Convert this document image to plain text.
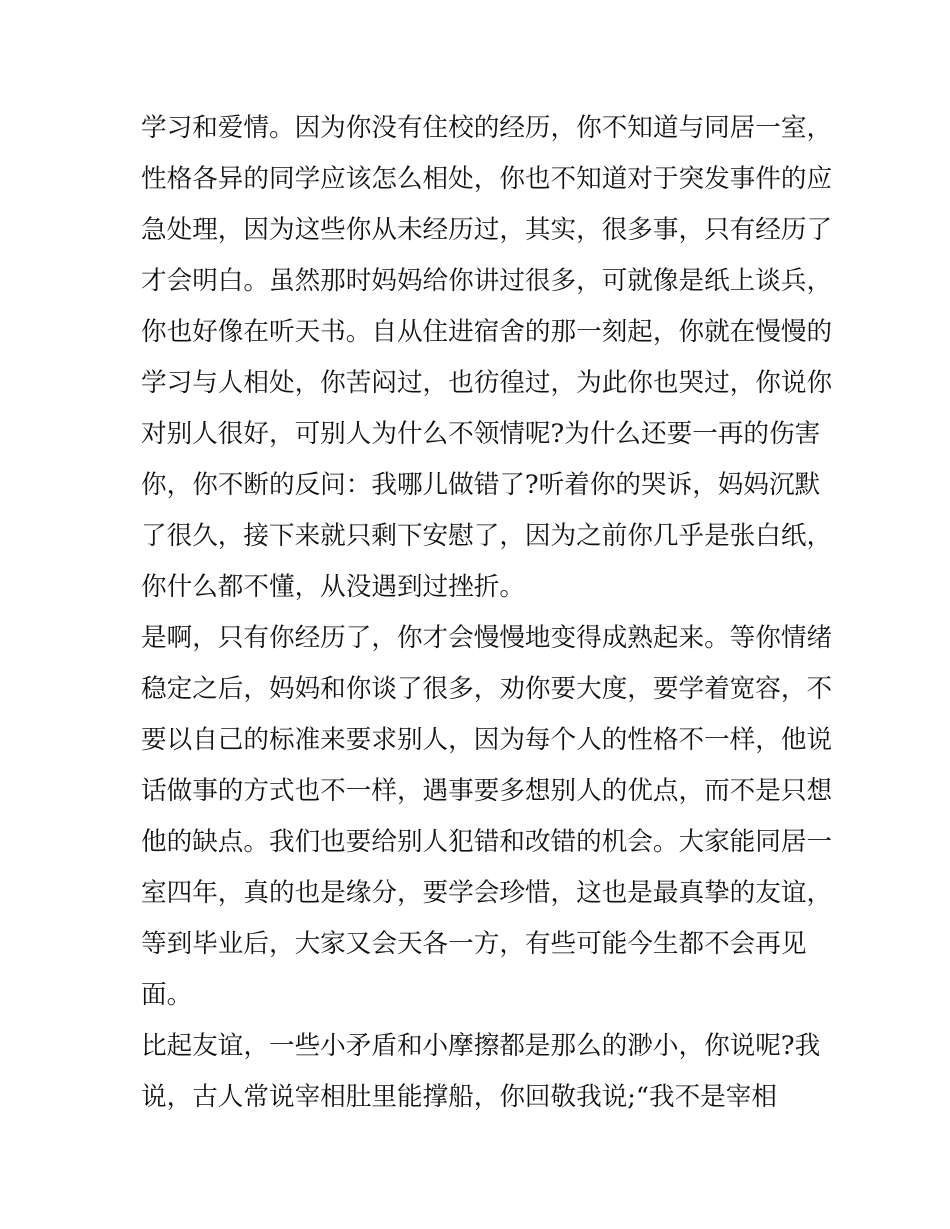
学习和爱情。因为你没有住校的经历，你不知道与同居一室，
性格各异的同学应该怎么相处，你也不知道对于突发事件的应
急处理，因为这些你从未经历过，其实，很多事，只有经历了
才会明白。虽然那时妈妈给你讲过很多，可就像是纸上谈兵，
你也好像在听天书。自从住进宿舍的那一刻起，你就在慢慢的
学习与人相处，你苦闷过，也彷徨过，为此你也哭过，你说你
对别人很好，可别人为什么不领情呢?为什么还要一再的伤害
你，你不断的反问：我哪儿做错了?听着你的哭诉，妈妈沉默
了很久，接下来就只剩下安慰了，因为之前你几乎是张白纸，
你什么都不懂，从没遇到过挫折。
是啊，只有你经历了，你才会慢慢地变得成熟起来。等你情绪
稳定之后，妈妈和你谈了很多，劝你要大度，要学着宽容，不
要以自己的标准来要求别人，因为每个人的性格不一样，他说
话做事的方式也不一样，遇事要多想别人的优点，而不是只想
他的缺点。我们也要给别人犯错和改错的机会。大家能同居一
室四年，真的也是缘分，要学会珍惜，这也是最真挚的友谊，
等到毕业后，大家又会天各一方，有些可能今生都不会再见
面。
比起友谊，一些小矛盾和小摩擦都是那么的渺小，你说呢?我
说，古人常说宰相肚里能撑船，你回敬我说;“我不是宰相
